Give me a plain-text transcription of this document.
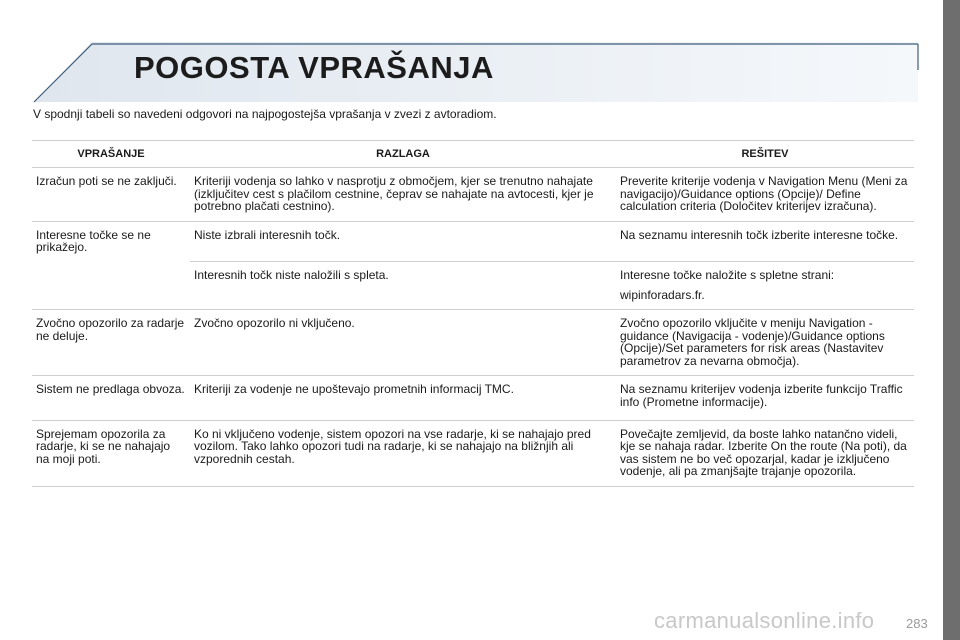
POGOSTA VPRAŠANJA

V spodnji tabeli so navedeni odgovori na najpogostejša vprašanja v zvezi z avtoradiom.

VPRAŠANJE	RAZLAGA	REŠITEV
Izračun poti se ne zaključi.	Kriteriji vodenja so lahko v nasprotju z območjem, kjer se trenutno nahajate (izključitev cest s plačilom cestnine, čeprav se nahajate na avtocesti, kjer je potrebno plačati cestnino).	Preverite kriterije vodenja v Navigation Menu (Meni za navigacijo)/Guidance options (Opcije)/ Define calculation criteria (Določitev kriterijev izračuna).
Interesne točke se ne prikažejo.	Niste izbrali interesnih točk.	Na seznamu interesnih točk izberite interesne točke.
	Interesnih točk niste naložili s spleta.	Interesne točke naložite s spletne strani:
wipinforadars.fr.

Zvočno opozorilo za radarje ne deluje.	Zvočno opozorilo ni vključeno.	Zvočno opozorilo vključite v meniju Navigation - guidance (Navigacija - vodenje)/Guidance options (Opcije)/Set parameters for risk areas (Nastavitev parametrov za nevarna območja).
Sistem ne predlaga obvoza.	Kriteriji za vodenje ne upoštevajo prometnih informacij TMC.	Na seznamu kriterijev vodenja izberite funkcijo Traffic info (Prometne informacije).
Sprejemam opozorila za radarje, ki se ne nahajajo na moji poti.	Ko ni vključeno vodenje, sistem opozori na vse radarje, ki se nahajajo pred vozilom. Tako lahko opozori tudi na radarje, ki se nahajajo na bližnjih ali vzporednih cestah.	Povečajte zemljevid, da boste lahko natančno videli, kje se nahaja radar. Izberite On the route (Na poti), da vas sistem ne bo več opozarjal, kadar je izključeno vodenje, ali pa zmanjšajte trajanje opozorila.
carmanualsonline.info 283
